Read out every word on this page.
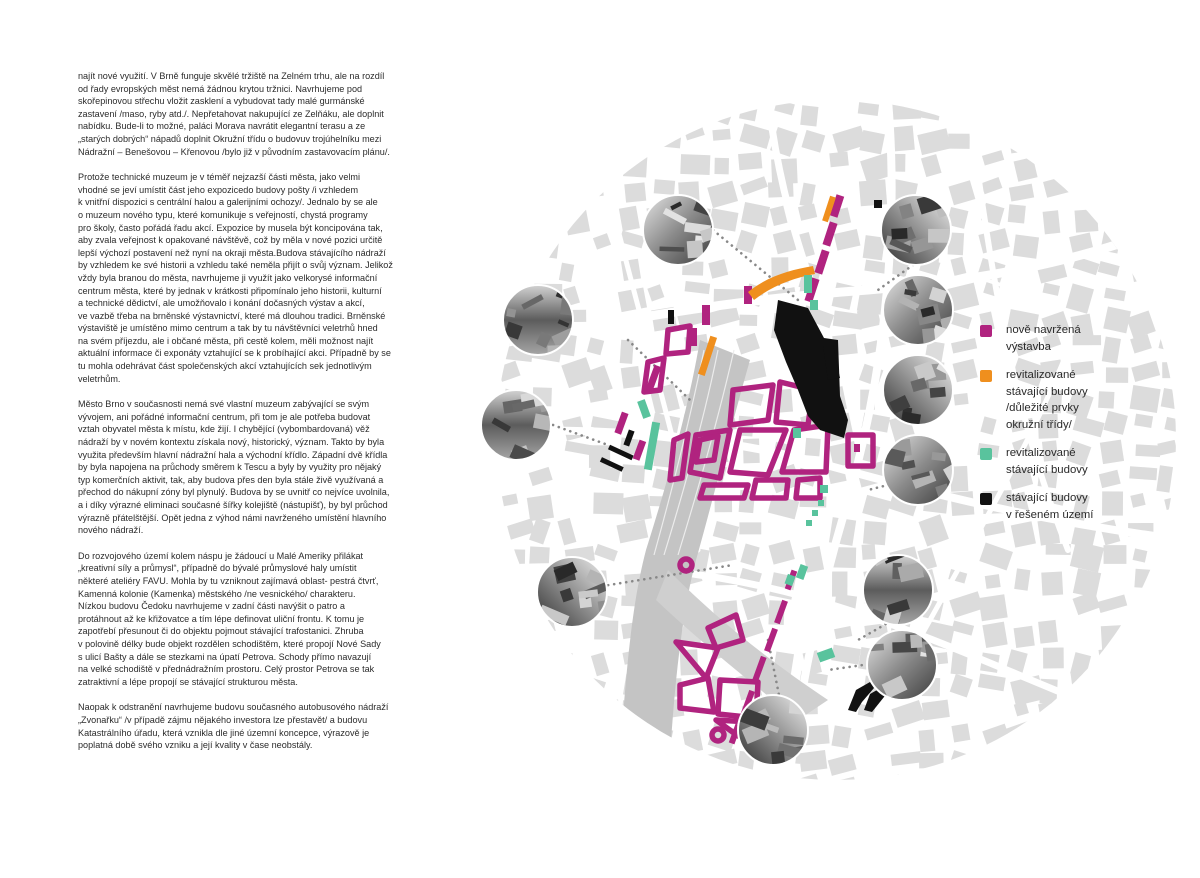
najít nové využití. V Brně funguje skvělé tržiště na Zelném trhu, ale na rozdíl
od řady evropských měst nemá žádnou krytou tržnici. Navrhujeme pod
skořepinovou střechu vložit zasklení a vybudovat tady malé gurmánské
zastavení /maso, ryby atd./. Nepřetahovat nakupující ze Zelňáku, ale doplnit
nabídku. Bude-li to možné, paláci Morava navrátit elegantní terasu a ze
„starých dobrých“ nápadů doplnit Okružní třídu o budovuv trojúhelníku mezi
Nádražní – Benešovou – Křenovou /bylo již v původním zastavovacím plánu/.

Protože technické muzeum je v téměř nejzazší části města, jako velmi
vhodné se jeví umístit část jeho expozicedo budovy pošty /i vzhledem
k vnitřní dispozici s centrální halou a galerijními ochozy/. Jednalo by se ale
o muzeum nového typu, které komunikuje s veřejností, chystá programy
pro školy, často pořádá řadu akcí. Expozice by musela být koncipována tak,
aby zvala veřejnost k opakované návštěvě, což by měla v nové pozici určitě
lepší výchozí postavení než nyní na okraji města.Budova stávajícího nádraží
by vzhledem ke své historii a vzhledu také neměla přijít o svůj význam. Jelikož
vždy byla branou do města, navrhujeme ji využít jako velkorysé informační
centrum města, které by jednak v krátkosti připomínalo jeho historii, kulturní
a technické dědictví, ale umožňovalo i konání dočasných výstav a akcí,
ve vazbě třeba na brněnské výstavnictví, které má dlouhou tradici. Brněnské
výstaviště je umístěno mimo centrum a tak by tu návštěvníci veletrhů hned
na svém příjezdu, ale i občané města, při cestě kolem, měli možnost najít
aktuální informace či exponáty vztahující se k probíhající akci. Případně by se
tu mohla odehrávat část společenských akcí vztahujících sek jednotlivým
veletrhům.

Město Brno v současnosti nemá své vlastní muzeum zabývající se svým
vývojem, ani pořádné informační centrum, při tom je ale potřeba budovat
vztah obyvatel města k místu, kde žijí. I chybějící (vybombardovaná) věž
nádraží by v novém kontextu získala nový, historický, význam. Takto by byla
využita především hlavní nádražní hala a východní křídlo. Západní dvě křídla
by byla napojena na průchody směrem k Tescu a byly by využity pro nějaký
typ komerčních aktivit, tak, aby budova přes den byla stále živě využívaná a
přechod do nákupní zóny byl plynulý. Budova by se uvnitř co nejvíce uvolnila,
a i díky výrazné eliminaci současné šířky kolejiště (nástupišť), by byl průchod
výrazně přátelštější. Opět jedna z výhod námi navrženého umístění hlavního
nového nádraží.

Do rozvojového území kolem náspu je žádoucí u Malé Ameriky přilákat
„kreativní síly a průmysl“, případně do bývalé průmyslové haly umístit
některé ateliéry FAVU. Mohla by tu vzniknout zajímavá oblast- pestrá čtvrť,
Kamenná kolonie (Kamenka) městského /ne vesnického/ charakteru.
Nízkou budovu Čedoku navrhujeme v zadní části navýšit o patro a
protáhnout až ke křižovatce a tím lépe definovat uliční frontu. K tomu je
zapotřebí přesunout či do objektu pojmout stávající trafostanici. Zhruba
v polovině délky bude objekt rozdělen schodištěm, které propojí Nové Sady
s ulicí Bašty a dále se stezkami na úpatí Petrova. Schody přímo navazují
na velké schodiště v přednádražním prostoru. Celý prostor Petrova se tak
zatraktivní a lépe propojí se stávající strukturou města.

Naopak k odstranění navrhujeme budovu současného autobusového nádraží
„Zvonařku“ /v případě zájmu nějakého investora lze přestavět/ a budovu
Katastrálního úřadu, která vznikla dle jiné územní koncepce, výrazově je
poplatná době svého vzniku a její kvality v čase neobstály.

nově navržená
výstavba
revitalizované
stávající budovy
/důležité prvky
okružní třídy/
revitalizované
stávající budovy
stávající budovy
v řešeném území
